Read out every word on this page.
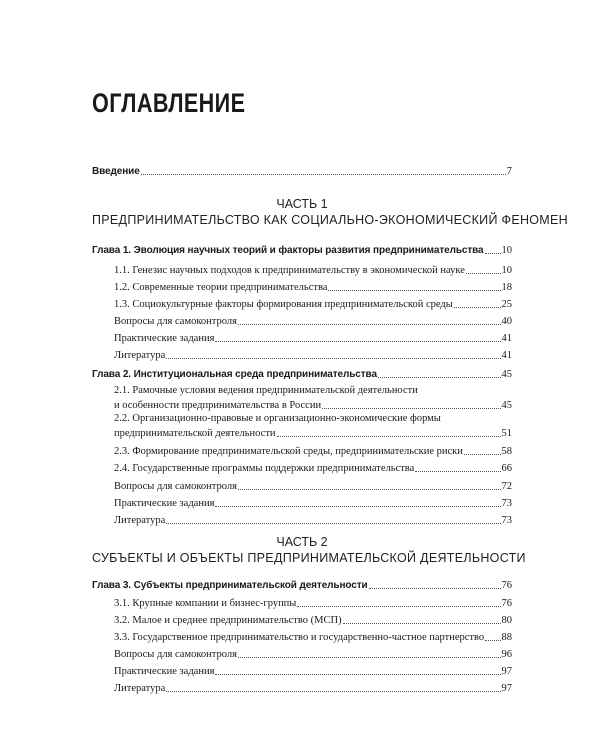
ОГЛАВЛЕНИЕ
Введение	7
ЧАСТЬ 1
ПРЕДПРИНИМАТЕЛЬСТВО КАК СОЦИАЛЬНО-ЭКОНОМИЧЕСКИЙ ФЕНОМЕН
Глава 1. Эволюция научных теорий и факторы развития предпринимательства 10
1.1. Генезис научных подходов к предпринимательству в экономической науке	10
1.2. Современные теории предпринимательства	18
1.3. Социокультурные факторы формирования предпринимательской среды	25
Вопросы для самоконтроля	40
Практические задания	41
Литература	41
Глава 2. Институциональная среда предпринимательства	45
2.1. Рамочные условия ведения предпринимательской деятельности
и особенности предпринимательства в России	45
2.2. Организационно-правовые и организационно-экономические формы
предпринимательской деятельности	51
2.3. Формирование предпринимательской среды, предпринимательские риски	58
2.4. Государственные программы поддержки предпринимательства	66
Вопросы для самоконтроля	72
Практические задания	73
Литература	73
ЧАСТЬ 2
СУБЪЕКТЫ И ОБЪЕКТЫ ПРЕДПРИНИМАТЕЛЬСКОЙ ДЕЯТЕЛЬНОСТИ
Глава 3. Субъекты предпринимательской деятельности	76
3.1. Крупные компании и бизнес-группы	76
3.2. Малое и среднее предпринимательство (МСП)	80
3.3. Государственное предпринимательство и государственно-частное партнерство 88
Вопросы для самоконтроля	96
Практические задания	97
Литература	97
